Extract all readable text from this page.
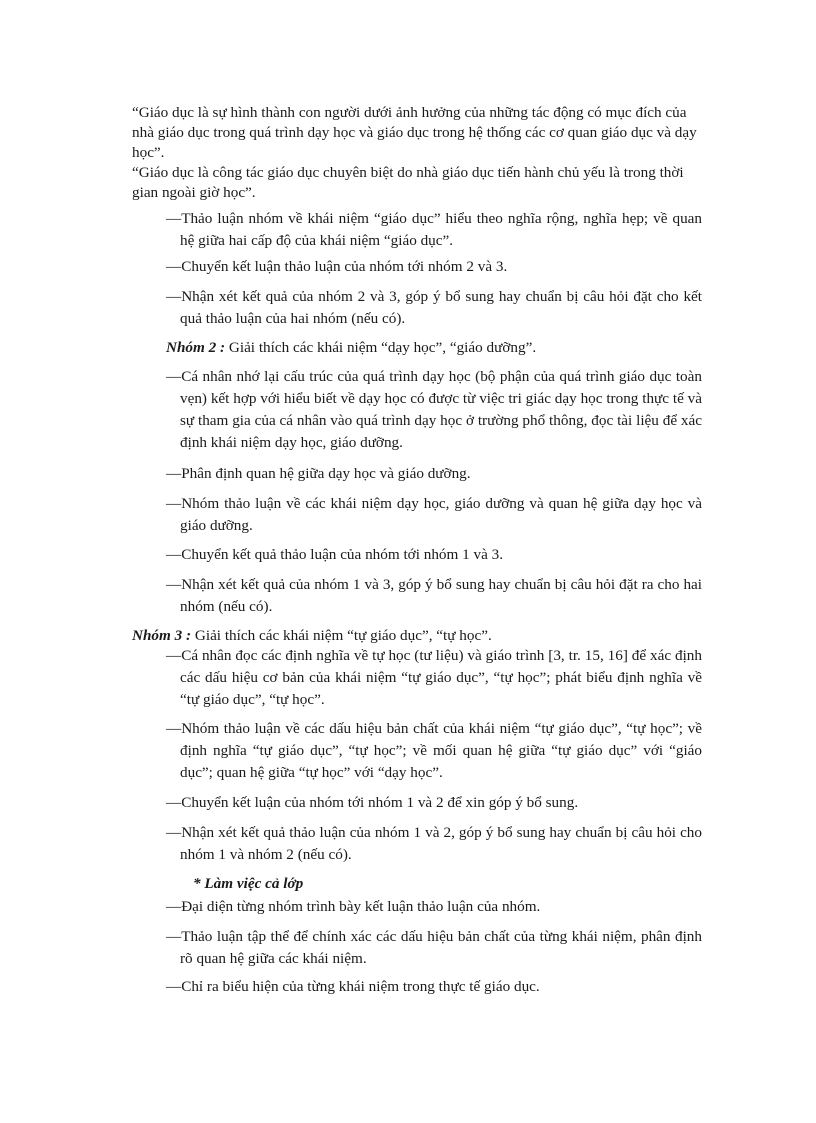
“Giáo dục là sự hình thành con người dưới ảnh hưởng của những tác động có mục đích của nhà giáo dục trong quá trình dạy học và giáo dục trong hệ thống các cơ quan giáo dục và dạy học”.

“Giáo dục là công tác giáo dục chuyên biệt do nhà giáo dục tiến hành chủ yếu là trong thời gian ngoài giờ học”.

—Thảo luận nhóm về khái niệm “giáo dục” hiểu theo nghĩa rộng, nghĩa hẹp; về quan hệ giữa hai cấp độ của khái niệm “giáo dục”.

—Chuyển kết luận thảo luận của nhóm tới nhóm 2 và 3.

—Nhận xét kết quả của nhóm 2 và 3, góp ý bổ sung hay chuẩn bị câu hỏi đặt cho kết quả thảo luận của hai nhóm (nếu có).

Nhóm 2 : Giải thích các khái niệm “dạy học”, “giáo dưỡng”.

—Cá nhân nhớ lại cấu trúc của quá trình dạy học (bộ phận của quá trình giáo dục toàn vẹn) kết hợp với hiểu biết về dạy học có được từ việc tri giác dạy học trong thực tế và sự tham gia của cá nhân vào quá trình dạy học ở trường phổ thông, đọc tài liệu để xác định khái niệm dạy học, giáo dưỡng.

—Phân định quan hệ giữa dạy học và giáo dưỡng.

—Nhóm thảo luận về các khái niệm dạy học, giáo dưỡng và quan hệ giữa dạy học và giáo dưỡng.

—Chuyển kết quả thảo luận của nhóm tới nhóm 1 và 3.

—Nhận xét kết quả của nhóm 1 và 3, góp ý bổ sung hay chuẩn bị câu hỏi đặt ra cho hai nhóm (nếu có).

Nhóm 3 : Giải thích các khái niệm “tự giáo dục”, “tự học”.

—Cá nhân đọc các định nghĩa về tự học (tư liệu) và giáo trình [3, tr. 15, 16] để xác định các dấu hiệu cơ bản của khái niệm “tự giáo dục”, “tự học”; phát biểu định nghĩa về “tự giáo dục”, “tự học”.

—Nhóm thảo luận về các dấu hiệu bản chất của khái niệm “tự giáo dục”, “tự học”; về định nghĩa “tự giáo dục”, “tự học”; về mối quan hệ giữa “tự giáo dục” với “giáo dục”; quan hệ giữa “tự học” với “dạy học”.

—Chuyển kết luận của nhóm tới nhóm 1 và 2 để xin góp ý bổ sung.

—Nhận xét kết quả thảo luận của nhóm 1 và 2, góp ý bổ sung hay chuẩn bị câu hỏi cho nhóm 1 và nhóm 2 (nếu có).

* Làm việc cả lớp

—Đại diện từng nhóm trình bày kết luận thảo luận của nhóm.

—Thảo luận tập thể để chính xác các dấu hiệu bản chất của từng khái niệm, phân định rõ quan hệ giữa các khái niệm.

—Chỉ ra biểu hiện của từng khái niệm trong thực tế giáo dục.
